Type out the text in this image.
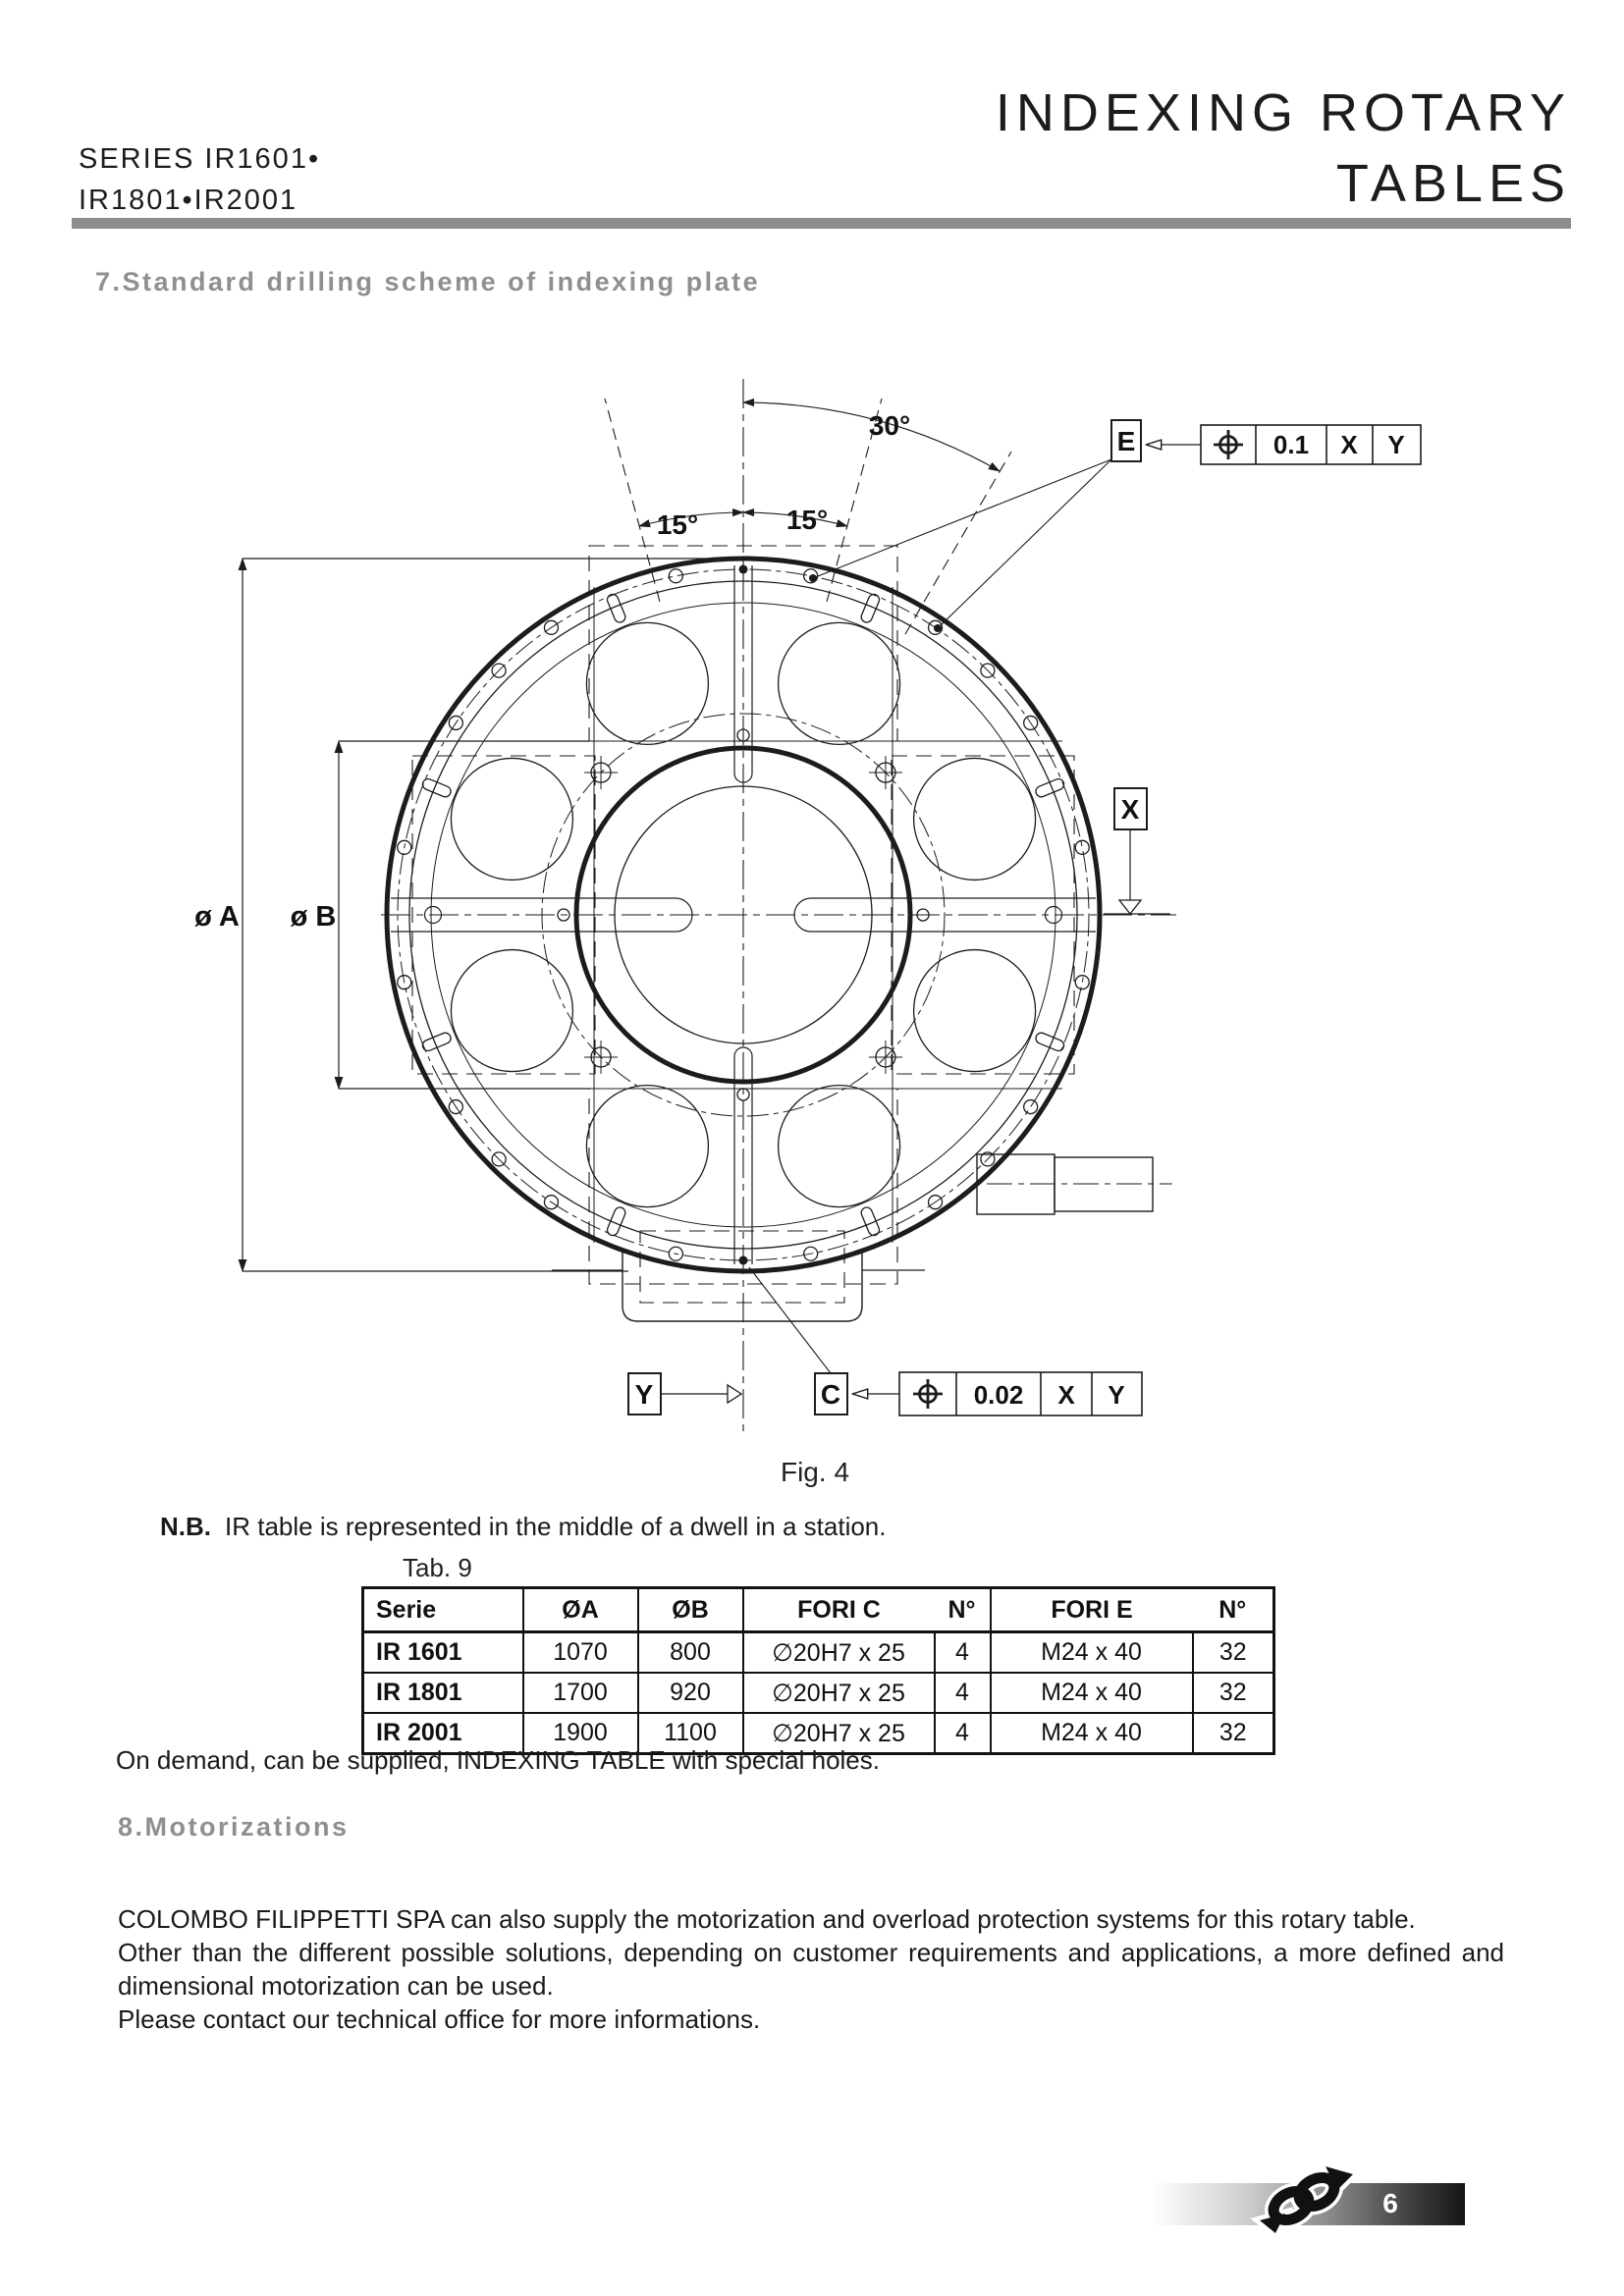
SERIES IR1601•
IR1801•IR2001
INDEXING ROTARY
TABLES
7.Standard drilling scheme of indexing plate
ø A ø B
30°
15°	15°
E
X
Y	C
0.1 X Y
0.02 X Y
Fig. 4
N.B. IR table is represented in the middle of a dwell in a station.
Tab. 9
Serie	ØA	ØB	FORI C	N°	FORI E	N°
IR 1601	1070	800	∅20H7 x 25	4	M24 x 40	32
IR 1801	1700	920	∅20H7 x 25	4	M24 x 40	32
IR 2001	1900	1100	∅20H7 x 25	4	M24 x 40	32
On demand, can be supplied, INDEXING TABLE with special holes.
8.Motorizations

COLOMBO FILIPPETTI SPA can also supply the motorization and overload protection systems for this rotary table.

Other than the different possible solutions, depending on customer requirements and applications, a more defined and dimensional motorization can be used.

Please contact our technical office for more informations.

6
